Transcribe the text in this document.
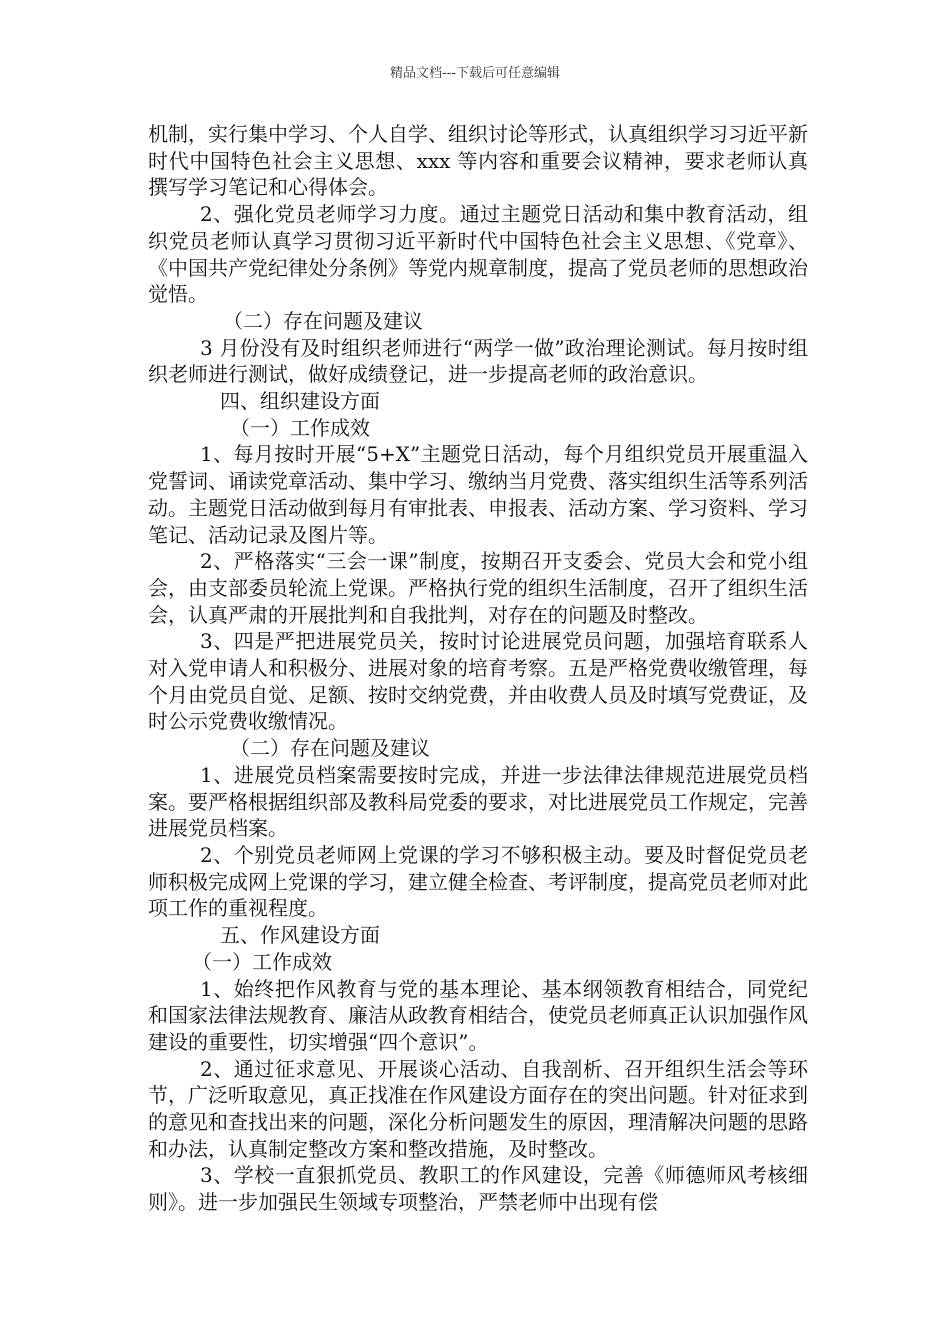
精品文档---下载后可任意编辑

机制，实行集中学习、个人自学、组织讨论等形式，认真组织学习习近平新时代中国特色社会主义思想、xxx 等内容和重要会议精神，要求老师认真撰写学习笔记和心得体会。

2、强化党员老师学习力度。通过主题党日活动和集中教育活动，组织党员老师认真学习贯彻习近平新时代中国特色社会主义思想、《党章》、《中国共产党纪律处分条例》等党内规章制度，提高了党员老师的思想政治觉悟。

（二）存在问题及建议

3 月份没有及时组织老师进行“两学一做”政治理论测试。每月按时组织老师进行测试，做好成绩登记，进一步提高老师的政治意识。

四、组织建设方面

（一）工作成效

1、每月按时开展“5+X”主题党日活动，每个月组织党员开展重温入党誓词、诵读党章活动、集中学习、缴纳当月党费、落实组织生活等系列活动。主题党日活动做到每月有审批表、申报表、活动方案、学习资料、学习笔记、活动记录及图片等。

2、严格落实“三会一课”制度，按期召开支委会、党员大会和党小组会，由支部委员轮流上党课。严格执行党的组织生活制度，召开了组织生活会，认真严肃的开展批判和自我批判，对存在的问题及时整改。

3、四是严把进展党员关，按时讨论进展党员问题，加强培育联系人对入党申请人和积极分、进展对象的培育考察。五是严格党费收缴管理，每个月由党员自觉、足额、按时交纳党费，并由收费人员及时填写党费证，及时公示党费收缴情况。

（二）存在问题及建议

1、进展党员档案需要按时完成，并进一步法律法律规范进展党员档案。要严格根据组织部及教科局党委的要求，对比进展党员工作规定，完善进展党员档案。

2、个别党员老师网上党课的学习不够积极主动。要及时督促党员老师积极完成网上党课的学习，建立健全检查、考评制度，提高党员老师对此项工作的重视程度。

五、作风建设方面

（一）工作成效

1、始终把作风教育与党的基本理论、基本纲领教育相结合，同党纪和国家法律法规教育、廉洁从政教育相结合，使党员老师真正认识加强作风建设的重要性，切实增强“四个意识”。

2、通过征求意见、开展谈心活动、自我剖析、召开组织生活会等环节，广泛听取意见，真正找准在作风建设方面存在的突出问题。针对征求到的意见和查找出来的问题，深化分析问题发生的原因，理清解决问题的思路和办法，认真制定整改方案和整改措施，及时整改。

3、学校一直狠抓党员、教职工的作风建设，完善《师德师风考核细则》。进一步加强民生领域专项整治，严禁老师中出现有偿
